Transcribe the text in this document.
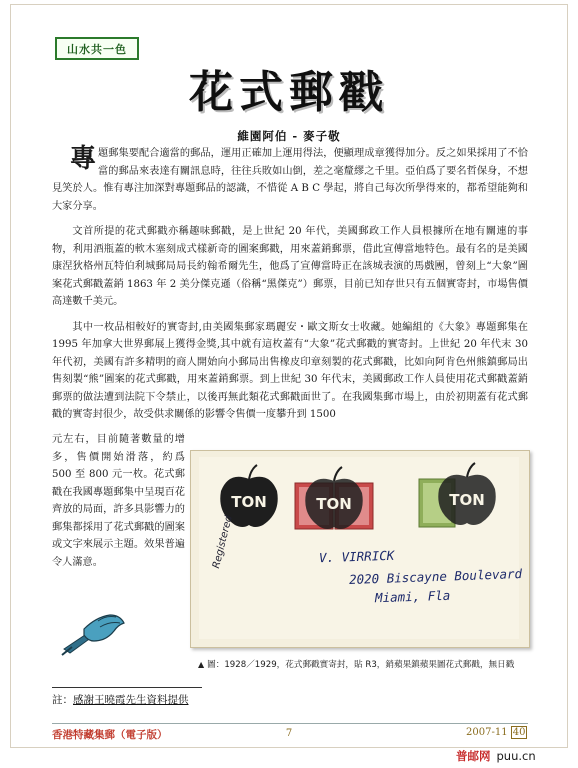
山水共一色
花式郵戳
維園阿伯 - 麥子敬

專題郵集要配合適當的郵品，運用正確加上運用得法，便顯理成章獲得加分。反之如果採用了不恰當的郵品來表達有關訊息時，往往兵敗如山倒，差之毫釐繆之千里。亞伯爲了要名哲保身，不想見笑於人。惟有專注加深對專題郵品的認識，不惜從 A B C 學起，將自己每次所學得來的，都希望能夠和大家分享。

文首所提的花式郵戳亦稱趣味郵戳，是上世紀 20 年代，美國郵政工作人員根據所在地有關連的事物，利用酒瓶蓋的軟木塞刻成式樣新奇的圖案郵戳，用來蓋銷郵票，借此宣傳當地特色。最有名的是美國康涅狄格州瓦特伯利城郵局局長約翰希爾先生，他爲了宣傳當時正在該城表演的馬戲團，曾刻上“大象”圖案花式郵戳蓋銷 1863 年 2 美分傑克遜（俗稱“黑傑克”）郵票，目前已知存世只有五個實寄封，市場售價高達數千美元。

其中一枚品相較好的實寄封,由美國集郵家瑪麗安・歐文斯女士收藏。她編組的《大象》專題郵集在 1995 年加拿大世界郵展上獲得金獎,其中就有這枚蓋有“大象”花式郵戳的實寄封。上世紀 20 年代末 30 年代初，美國有許多精明的商人開始向小郵局出售橡皮印章刻製的花式郵戳，比如向阿肯色州熊鎮郵局出售刻製“熊”圖案的花式郵戳，用來蓋銷郵票。到上世紀 30 年代末，美國郵政工作人員使用花式郵戳蓋銷郵票的做法遭到法院下令禁止，以後再無此類花式郵戳面世了。在我國集郵市場上，由於初期蓋有花式郵戳的實寄封很少，故受供求關係的影響令售價一度攀升到 1500

元左右，目前隨著數量的增多，售價開始滑落，約爲 500 至 800 元一枚。花式郵戳在我國專題郵集中呈現百花齊放的局面，許多具影響力的郵集都採用了花式郵戳的圖案或文字來展示主題。效果普遍令人滿意。

TON	TON	TON
Registered	V. VIRRICK
2020 Biscayne Boulevard
Miami, Fla
▲ 圖：1928／1929，花式郵戳實寄封，貼 R3，銷蘋果鎮蘋果圖花式郵戳，無日戳
註：感謝王曉霞先生資料提供
香港特藏集郵（電子版）	7	2007-11 40
普邮网 puu.cn
